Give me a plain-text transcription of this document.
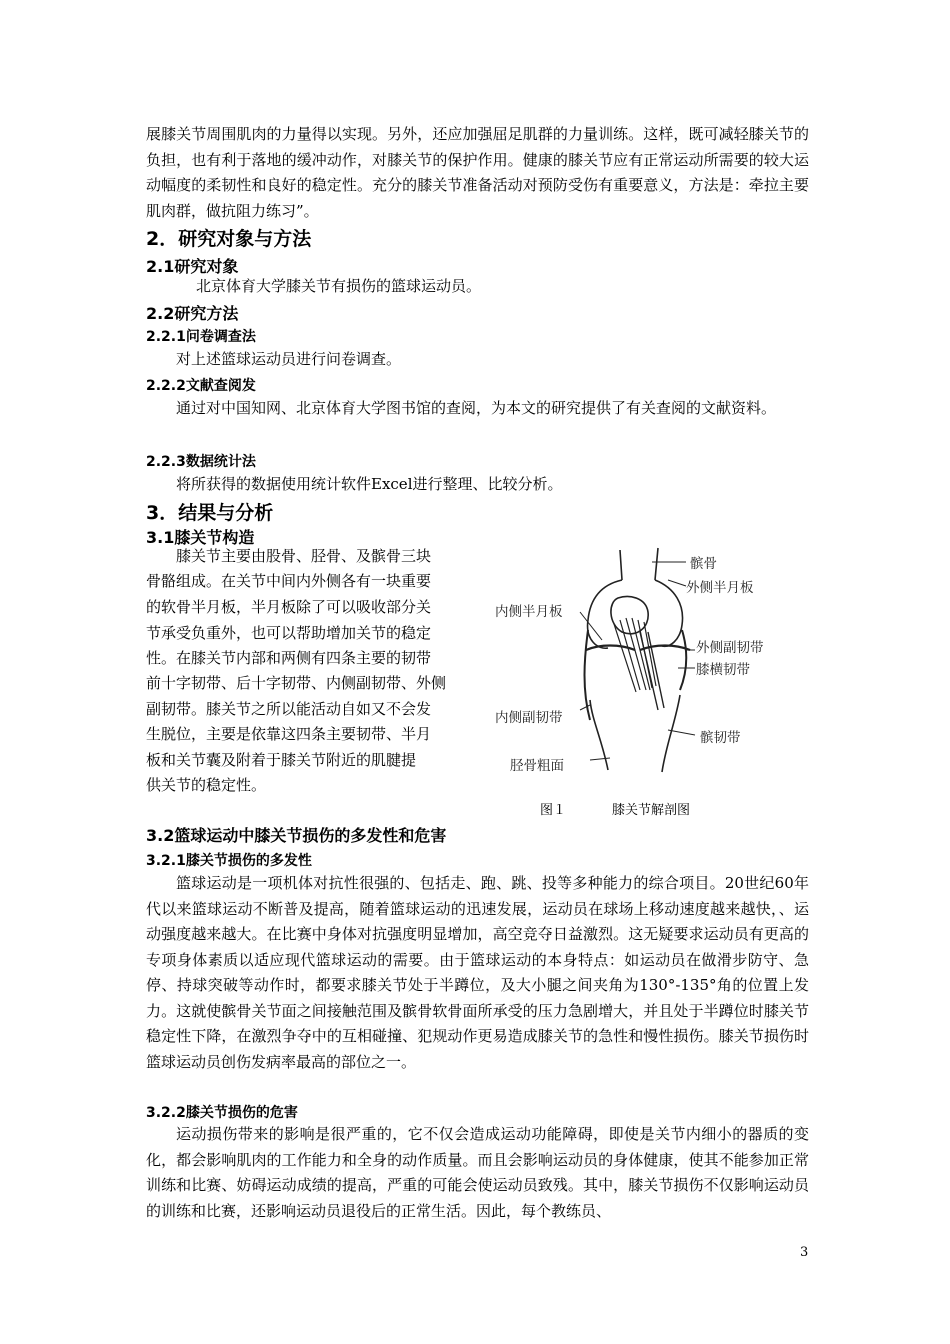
展膝关节周围肌肉的力量得以实现。另外，还应加强屈足肌群的力量训练。这样，既可减轻膝关节的负担，也有利于落地的缓冲动作，对膝关节的保护作用。健康的膝关节应有正常运动所需要的较大运动幅度的柔韧性和良好的稳定性。充分的膝关节准备活动对预防受伤有重要意义，方法是：牵拉主要肌肉群，做抗阻力练习”。

2．研究对象与方法
2.1研究对象

北京体育大学膝关节有损伤的篮球运动员。

2.2研究方法
2.2.1问卷调查法

对上述篮球运动员进行问卷调查。

2.2.2文献查阅发

通过对中国知网、北京体育大学图书馆的查阅，为本文的研究提供了有关查阅的文献资料。

2.2.3数据统计法

将所获得的数据使用统计软件Excel进行整理、比较分析。

3．结果与分析
3.1膝关节构造

膝关节主要由股骨、胫骨、及髌骨三块

骨骼组成。在关节中间内外侧各有一块重要

的软骨半月板，半月板除了可以吸收部分关

节承受负重外，也可以帮助增加关节的稳定

性。在膝关节内部和两侧有四条主要的韧带

前十字韧带、后十字韧带、内侧副韧带、外侧

副韧带。膝关节之所以能活动自如又不会发

生脱位，主要是依靠这四条主要韧带、半月

板和关节囊及附着于膝关节附近的肌腱提

供关节的稳定性。

髌骨
外侧半月板
内侧半月板
外侧副韧带
膝横韧带
内侧副韧带
髌韧带
胫骨粗面

图１	膝关节解剖图

3.2篮球运动中膝关节损伤的多发性和危害
3.2.1膝关节损伤的多发性

篮球运动是一项机体对抗性很强的、包括走、跑、跳、投等多种能力的综合项目。20世纪60年代以来篮球运动不断普及提高，随着篮球运动的迅速发展，运动员在球场上移动速度越来越快，、运动强度越来越大。在比赛中身体对抗强度明显增加，高空竞夺日益激烈。这无疑要求运动员有更高的专项身体素质以适应现代篮球运动的需要。由于篮球运动的本身特点：如运动员在做滑步防守、急停、持球突破等动作时，都要求膝关节处于半蹲位，及大小腿之间夹角为130°-135°角的位置上发力。这就使髌骨关节面之间接触范围及髌骨软骨面所承受的压力急剧增大，并且处于半蹲位时膝关节稳定性下降，在激烈争夺中的互相碰撞、犯规动作更易造成膝关节的急性和慢性损伤。膝关节损伤时篮球运动员创伤发病率最高的部位之一。

3.2.2膝关节损伤的危害

运动损伤带来的影响是很严重的，它不仅会造成运动功能障碍，即使是关节内细小的器质的变化，都会影响肌肉的工作能力和全身的动作质量。而且会影响运动员的身体健康，使其不能参加正常训练和比赛、妨碍运动成绩的提高，严重的可能会使运动员致残。其中，膝关节损伤不仅影响运动员的训练和比赛，还影响运动员退役后的正常生活。因此，每个教练员、

3
